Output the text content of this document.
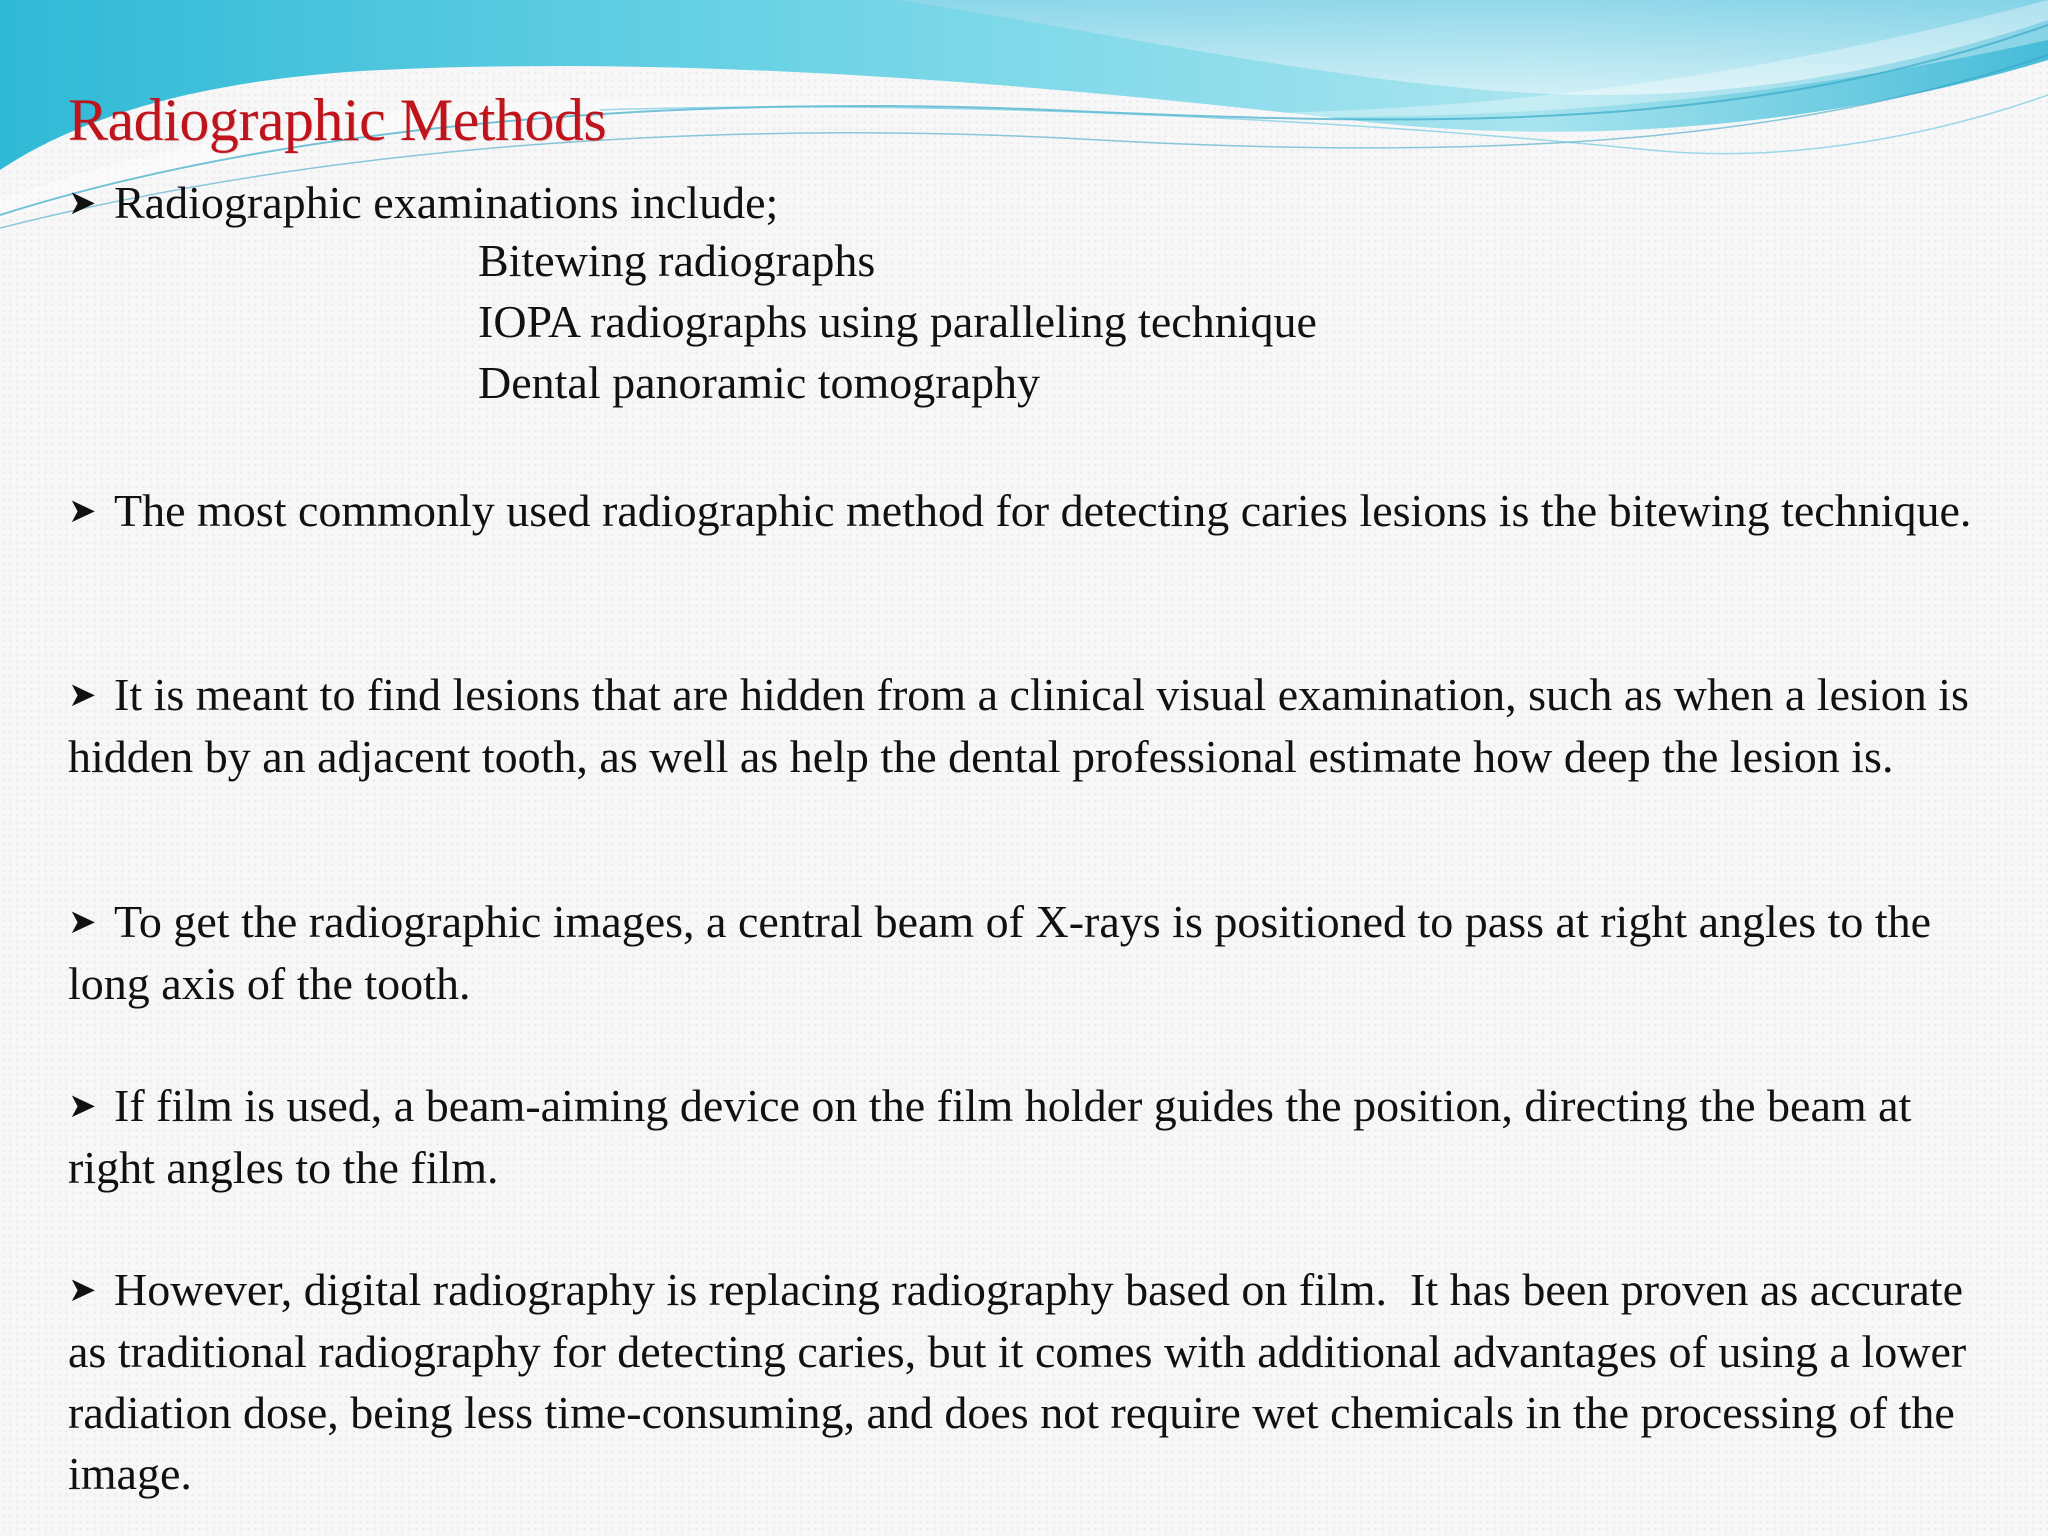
Radiographic Methods
➤ Radiographic examinations include;
Bitewing radiographs
IOPA radiographs using paralleling technique
Dental panoramic tomography

➤ The most commonly used radiographic method for detecting caries lesions is the bitewing technique.

➤ It is meant to find lesions that are hidden from a clinical visual examination, such as when a lesion is hidden by an adjacent tooth, as well as help the dental professional estimate how deep the lesion is.

➤ To get the radiographic images, a central beam of X-rays is positioned to pass at right angles to the long axis of the tooth.

➤ If film is used, a beam-aiming device on the film holder guides the position, directing the beam at right angles to the film.

➤ However, digital radiography is replacing radiography based on film.  It has been proven as accurate as traditional radiography for detecting caries, but it comes with additional advantages of using a lower radiation dose, being less time-consuming, and does not require wet chemicals in the processing of the image.
